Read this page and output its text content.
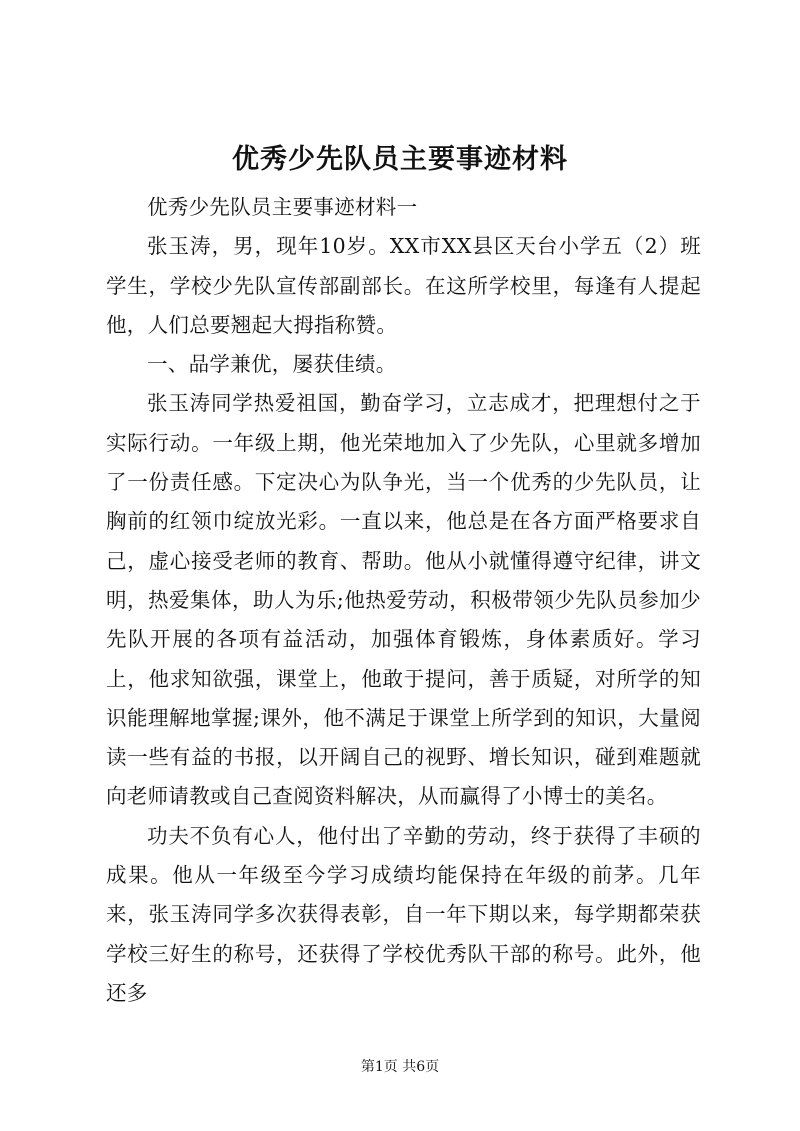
优秀少先队员主要事迹材料

优秀少先队员主要事迹材料一

张玉涛，男，现年10岁。XX市XX县区天台小学五（2）班学生，学校少先队宣传部副部长。在这所学校里，每逢有人提起他，人们总要翘起大拇指称赞。

一、品学兼优，屡获佳绩。

张玉涛同学热爱祖国，勤奋学习，立志成才，把理想付之于实际行动。一年级上期，他光荣地加入了少先队，心里就多增加了一份责任感。下定决心为队争光，当一个优秀的少先队员，让胸前的红领巾绽放光彩。一直以来，他总是在各方面严格要求自己，虚心接受老师的教育、帮助。他从小就懂得遵守纪律，讲文明，热爱集体，助人为乐;他热爱劳动，积极带领少先队员参加少先队开展的各项有益活动，加强体育锻炼，身体素质好。学习上，他求知欲强，课堂上，他敢于提问，善于质疑，对所学的知识能理解地掌握;课外，他不满足于课堂上所学到的知识，大量阅读一些有益的书报，以开阔自己的视野、增长知识，碰到难题就向老师请教或自己查阅资料解决，从而赢得了小博士的美名。

功夫不负有心人，他付出了辛勤的劳动，终于获得了丰硕的成果。他从一年级至今学习成绩均能保持在年级的前茅。几年来，张玉涛同学多次获得表彰，自一年下期以来，每学期都荣获学校三好生的称号，还获得了学校优秀队干部的称号。此外，他还多

第1页 共6页
